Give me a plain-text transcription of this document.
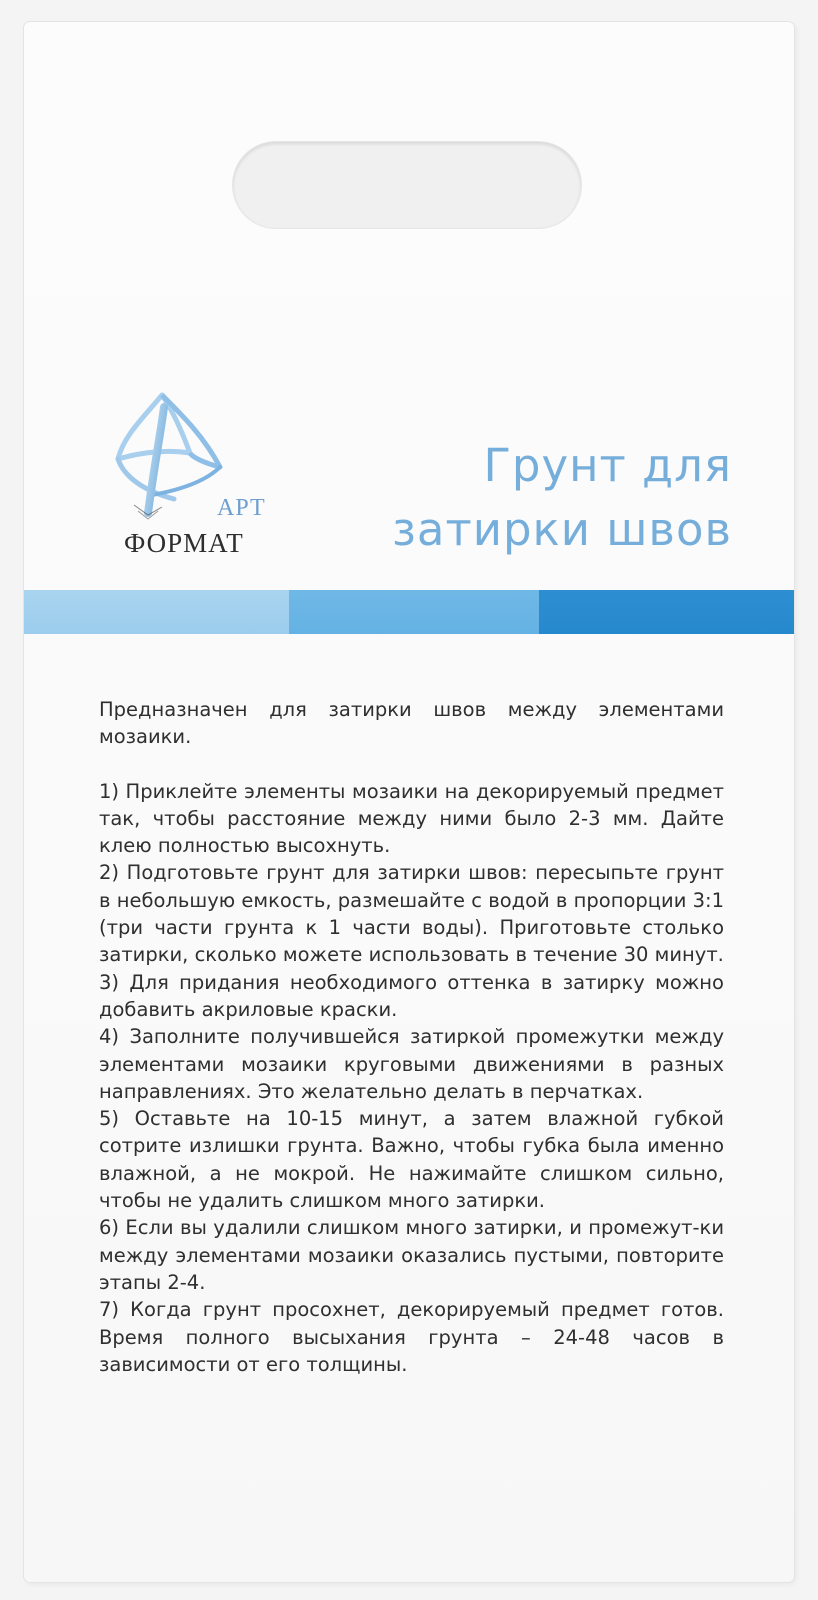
АРТ
ФОРМАТ
Грунт для
затирки швов

Предназначен для затирки швов между элементами мозаики.

1) Приклейте элементы мозаики на декорируемый предмет так, чтобы расстояние между ними было 2-3 мм. Дайте клею полностью высохнуть.

2) Подготовьте грунт для затирки швов: пересыпьте грунт в небольшую емкость, размешайте с водой в пропорции 3:1 (три части грунта к 1 части воды). Приготовьте столько затирки, сколько можете использовать в течение 30 минут.

3) Для придания необходимого оттенка в затирку можно добавить акриловые краски.

4) Заполните получившейся затиркой промежутки между элементами мозаики круговыми движениями в разных направлениях. Это желательно делать в перчатках.

5) Оставьте на 10-15 минут, а затем влажной губкой сотрите излишки грунта. Важно, чтобы губка была именно влажной, а не мокрой. Не нажимайте слишком сильно, чтобы не удалить слишком много затирки.

6) Если вы удалили слишком много затирки, и промежут-ки между элементами мозаики оказались пустыми, повторите этапы 2-4.

7) Когда грунт просохнет, декорируемый предмет готов. Время полного высыхания грунта – 24-48 часов в зависимости от его толщины.
